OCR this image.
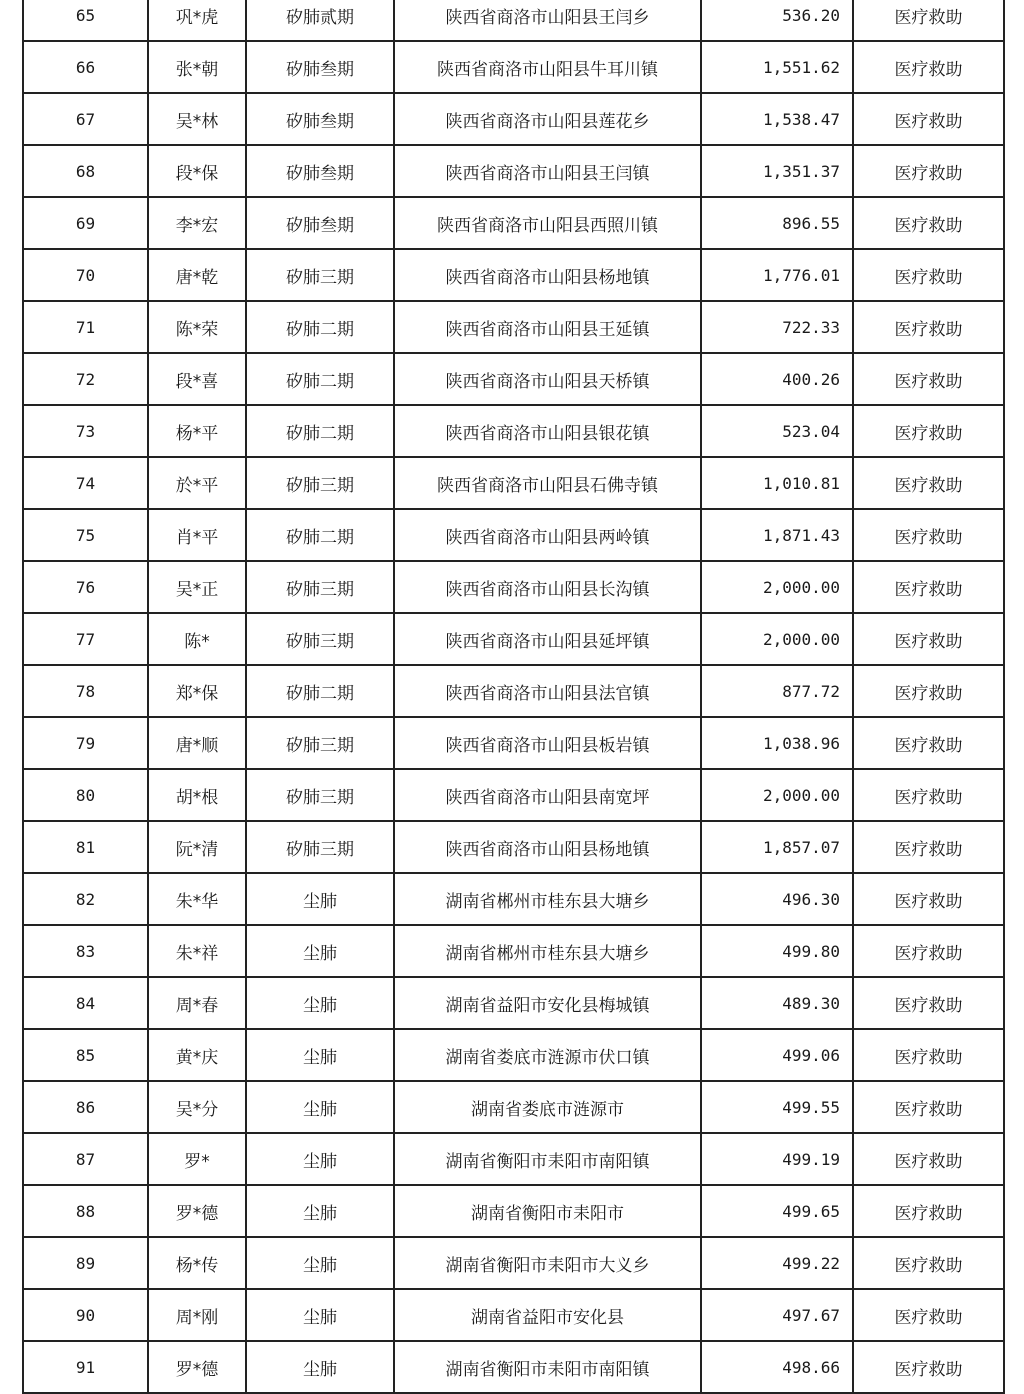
65	巩*虎	矽肺贰期	陕西省商洛市山阳县王闫乡	536.20	医疗救助
66	张*朝	矽肺叁期	陕西省商洛市山阳县牛耳川镇	1,551.62	医疗救助
67	吴*林	矽肺叁期	陕西省商洛市山阳县莲花乡	1,538.47	医疗救助
68	段*保	矽肺叁期	陕西省商洛市山阳县王闫镇	1,351.37	医疗救助
69	李*宏	矽肺叁期	陕西省商洛市山阳县西照川镇	896.55	医疗救助
70	唐*乾	矽肺三期	陕西省商洛市山阳县杨地镇	1,776.01	医疗救助
71	陈*荣	矽肺二期	陕西省商洛市山阳县王延镇	722.33	医疗救助
72	段*喜	矽肺二期	陕西省商洛市山阳县天桥镇	400.26	医疗救助
73	杨*平	矽肺二期	陕西省商洛市山阳县银花镇	523.04	医疗救助
74	於*平	矽肺三期	陕西省商洛市山阳县石佛寺镇	1,010.81	医疗救助
75	肖*平	矽肺二期	陕西省商洛市山阳县两岭镇	1,871.43	医疗救助
76	吴*正	矽肺三期	陕西省商洛市山阳县长沟镇	2,000.00	医疗救助
77	陈*	矽肺三期	陕西省商洛市山阳县延坪镇	2,000.00	医疗救助
78	郑*保	矽肺二期	陕西省商洛市山阳县法官镇	877.72	医疗救助
79	唐*顺	矽肺三期	陕西省商洛市山阳县板岩镇	1,038.96	医疗救助
80	胡*根	矽肺三期	陕西省商洛市山阳县南宽坪	2,000.00	医疗救助
81	阮*清	矽肺三期	陕西省商洛市山阳县杨地镇	1,857.07	医疗救助
82	朱*华	尘肺	湖南省郴州市桂东县大塘乡	496.30	医疗救助
83	朱*祥	尘肺	湖南省郴州市桂东县大塘乡	499.80	医疗救助
84	周*春	尘肺	湖南省益阳市安化县梅城镇	489.30	医疗救助
85	黄*庆	尘肺	湖南省娄底市涟源市伏口镇	499.06	医疗救助
86	吴*分	尘肺	湖南省娄底市涟源市	499.55	医疗救助
87	罗*	尘肺	湖南省衡阳市耒阳市南阳镇	499.19	医疗救助
88	罗*德	尘肺	湖南省衡阳市耒阳市	499.65	医疗救助
89	杨*传	尘肺	湖南省衡阳市耒阳市大义乡	499.22	医疗救助
90	周*刚	尘肺	湖南省益阳市安化县	497.67	医疗救助
91	罗*德	尘肺	湖南省衡阳市耒阳市南阳镇	498.66	医疗救助
